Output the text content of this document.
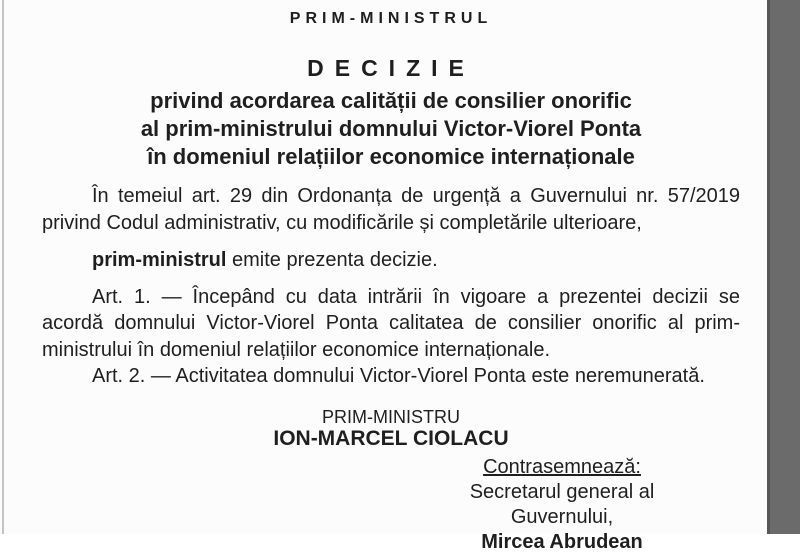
PRIM-MINISTRUL
DECIZIE
privind acordarea calității de consilier onorific
al prim-ministrului domnului Victor-Viorel Ponta
în domeniul relațiilor economice internaționale

În temeiul art. 29 din Ordonanța de urgență a Guvernului nr. 57/2019 privind Codul administrativ, cu modificările și completările ulterioare,

prim-ministrul emite prezenta decizie.

Art. 1. — Începând cu data intrării în vigoare a prezentei decizii se acordă domnului Victor-Viorel Ponta calitatea de consilier onorific al prim-ministrului în domeniul relațiilor economice internaționale.

Art. 2. — Activitatea domnului Victor-Viorel Ponta este neremunerată.

PRIM-MINISTRU
ION-MARCEL CIOLACU
Contrasemnează:
Secretarul general al Guvernului,
Mircea Abrudean
